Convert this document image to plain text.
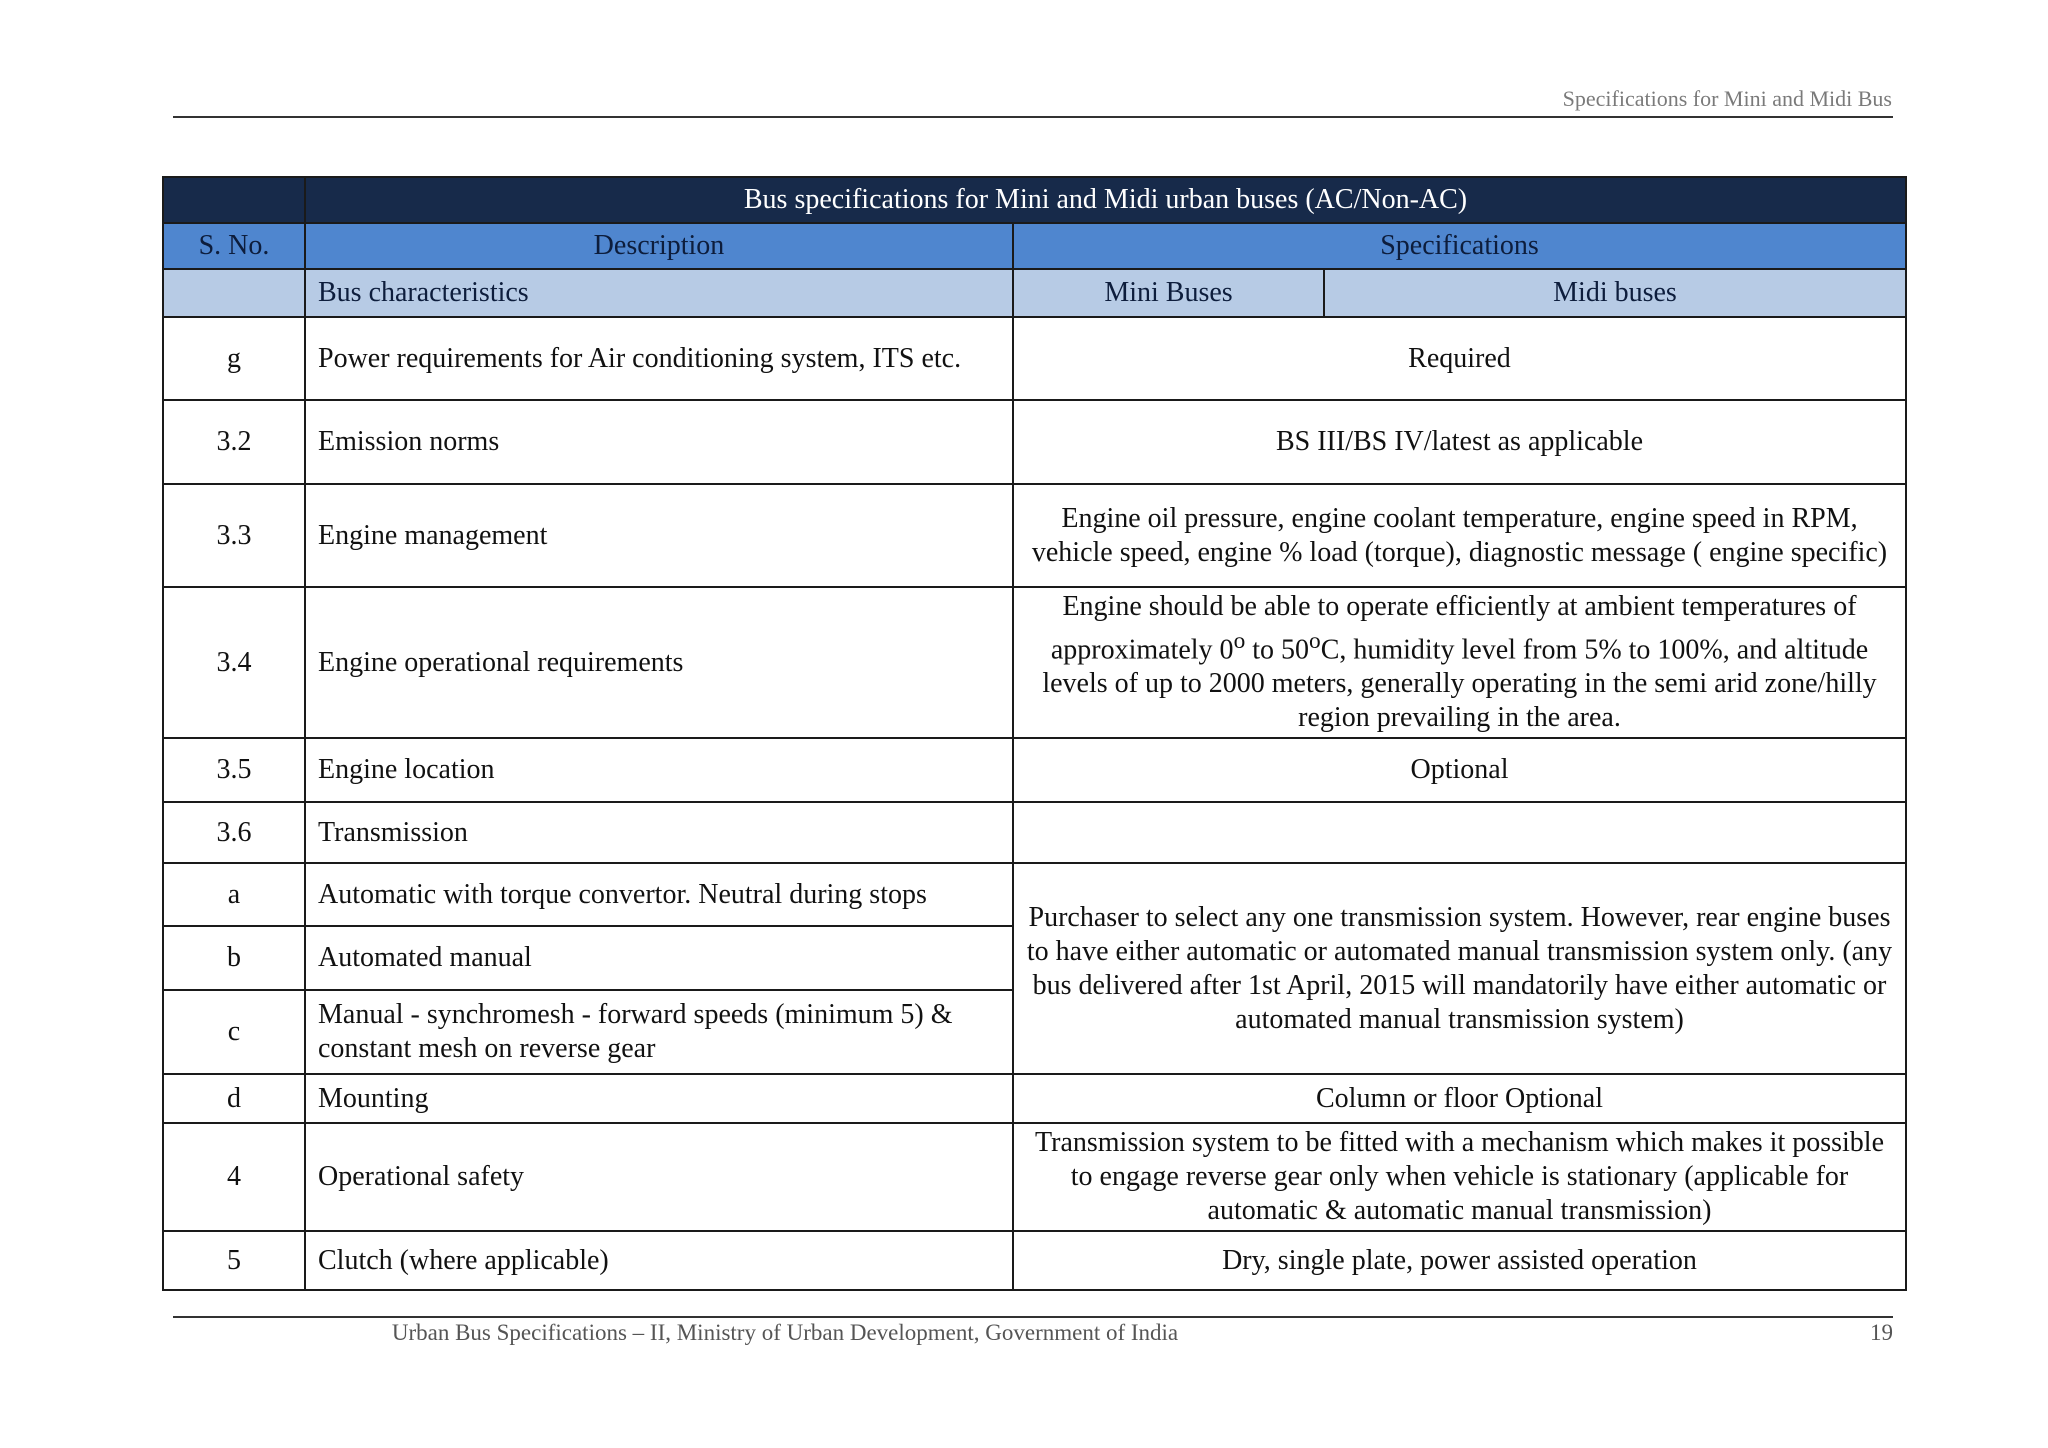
Specifications for Mini and Midi Bus
	Bus specifications for Mini and Midi urban buses (AC/Non-AC)		
S. No.	Description	Specifications	
	Bus characteristics	Mini Buses	Midi buses
g	Power requirements for Air conditioning system, ITS etc.	Required	
3.2	Emission norms	BS III/BS IV/latest as applicable	
3.3	Engine management	Engine oil pressure, engine coolant temperature, engine speed in RPM, vehicle speed, engine % load (torque), diagnostic message ( engine specific)	
3.4	Engine operational requirements	Engine should be able to operate efficiently at ambient temperatures of approximately 0$^o$ to 50$^o$C, humidity level from 5% to 100%, and altitude levels of up to 2000 meters, generally operating in the semi arid zone/hilly region prevailing in the area.	
3.5	Engine location	Optional	
3.6	Transmission		
a	Automatic with torque convertor. Neutral during stops	Purchaser to select any one transmission system. However, rear engine buses to have either automatic or automated manual transmission system only. (any bus delivered after 1st April, 2015 will mandatorily have either automatic or automated manual transmission system)	
b	Automated manual		
c	Manual - synchromesh - forward speeds (minimum 5) & constant mesh on reverse gear		
d	Mounting	Column or floor Optional	
4	Operational safety	Transmission system to be fitted with a mechanism which makes it possible to engage reverse gear only when vehicle is stationary (applicable for automatic & automatic manual transmission)	
5	Clutch (where applicable)	Dry, single plate, power assisted operation	
Urban Bus Specifications – II, Ministry of Urban Development, Government of India	19
